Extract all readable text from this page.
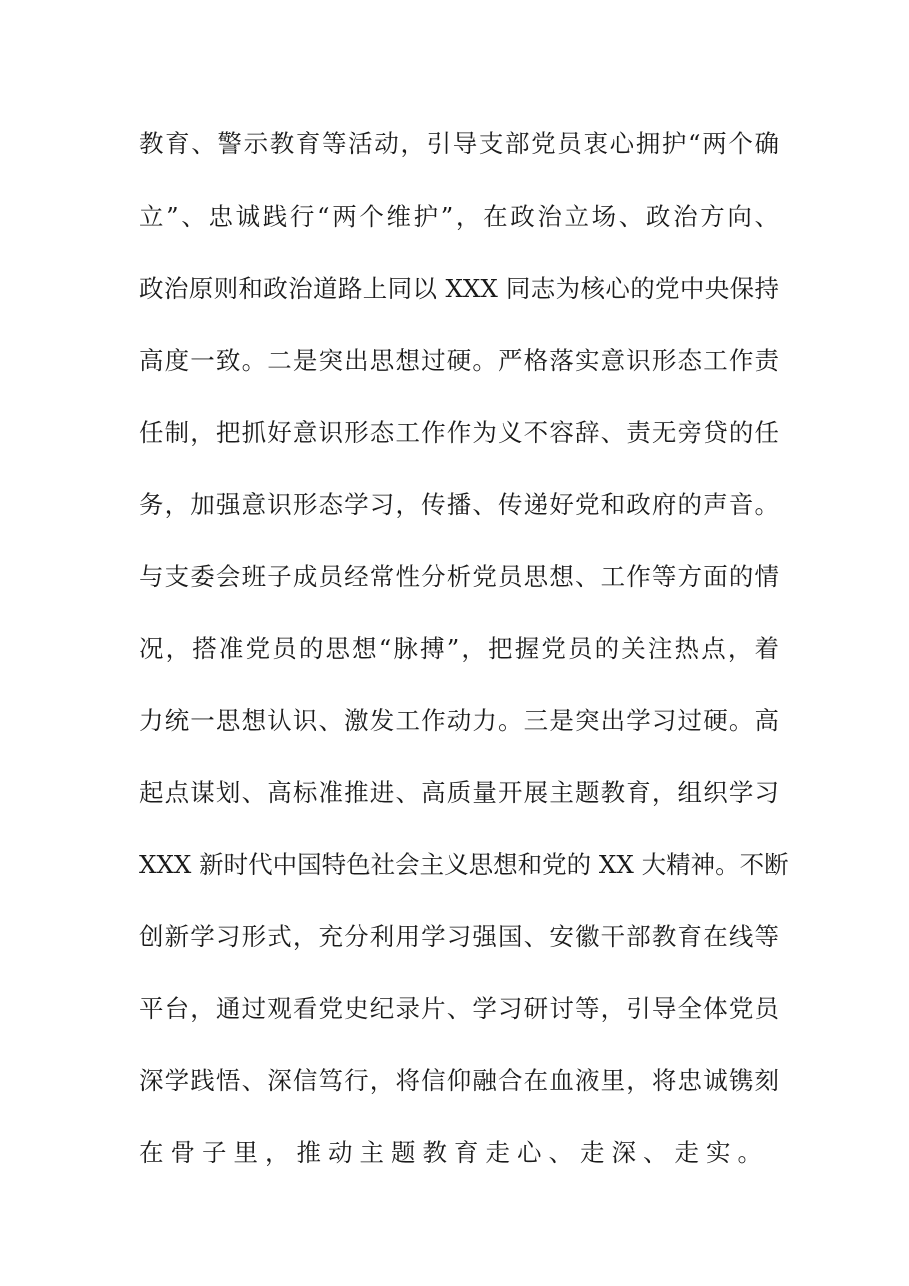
教育、警示教育等活动，引导支部党员衷心拥护“两个确
立”、忠诚践行“两个维护”，在政治立场、政治方向、
政治原则和政治道路上同以 XXX 同志为核心的党中央保持
高度一致。二是突出思想过硬。严格落实意识形态工作责
任制，把抓好意识形态工作作为义不容辞、责无旁贷的任
务，加强意识形态学习，传播、传递好党和政府的声音。
与支委会班子成员经常性分析党员思想、工作等方面的情
况，搭准党员的思想“脉搏”，把握党员的关注热点，着
力统一思想认识、激发工作动力。三是突出学习过硬。高
起点谋划、高标准推进、高质量开展主题教育，组织学习
XXX 新时代中国特色社会主义思想和党的 XX 大精神。不断
创新学习形式，充分利用学习强国、安徽干部教育在线等
平台，通过观看党史纪录片、学习研讨等，引导全体党员
深学践悟、深信笃行，将信仰融合在血液里，将忠诚镌刻
在骨子里，推动主题教育走心、走深、走实。
